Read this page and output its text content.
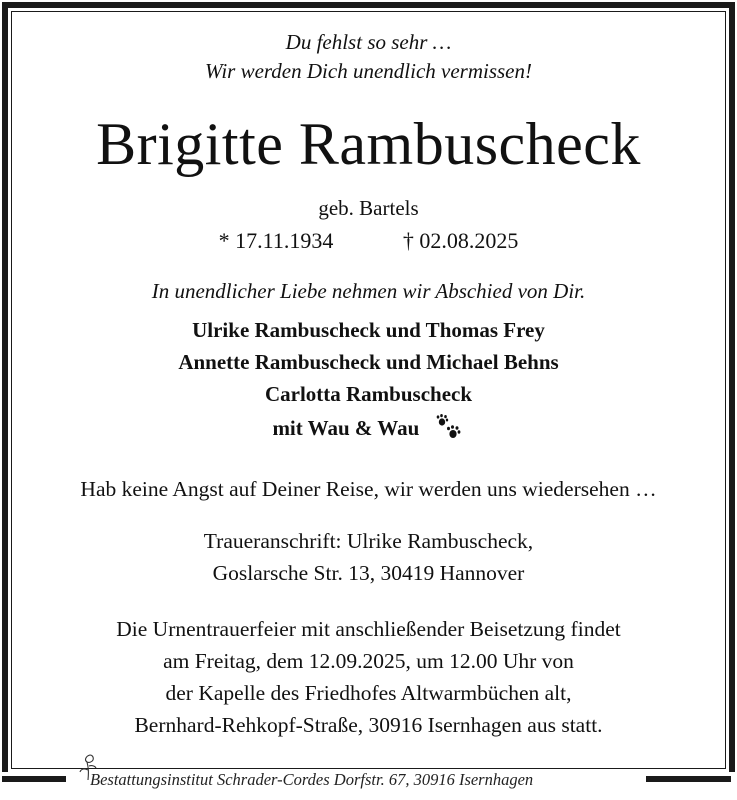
Du fehlst so sehr …
Wir werden Dich unendlich vermissen!
Brigitte Rambuscheck
geb. Bartels
* 17.11.1934	† 02.08.2025
In unendlicher Liebe nehmen wir Abschied von Dir.
Ulrike Rambuscheck und Thomas Frey
Annette Rambuscheck und Michael Behns
Carlotta Rambuscheck
mit Wau & Wau
Hab keine Angst auf Deiner Reise, wir werden uns wiedersehen …
Traueranschrift: Ulrike Rambuscheck,
Goslarsche Str. 13, 30419 Hannover
Die Urnentrauerfeier mit anschließender Beisetzung findet
am Freitag, dem 12.09.2025, um 12.00 Uhr von
der Kapelle des Friedhofes Altwarmbüchen alt,
Bernhard-Rehkopf-Straße, 30916 Isernhagen aus statt.
Bestattungsinstitut Schrader-Cordes Dorfstr. 67, 30916 Isernhagen
